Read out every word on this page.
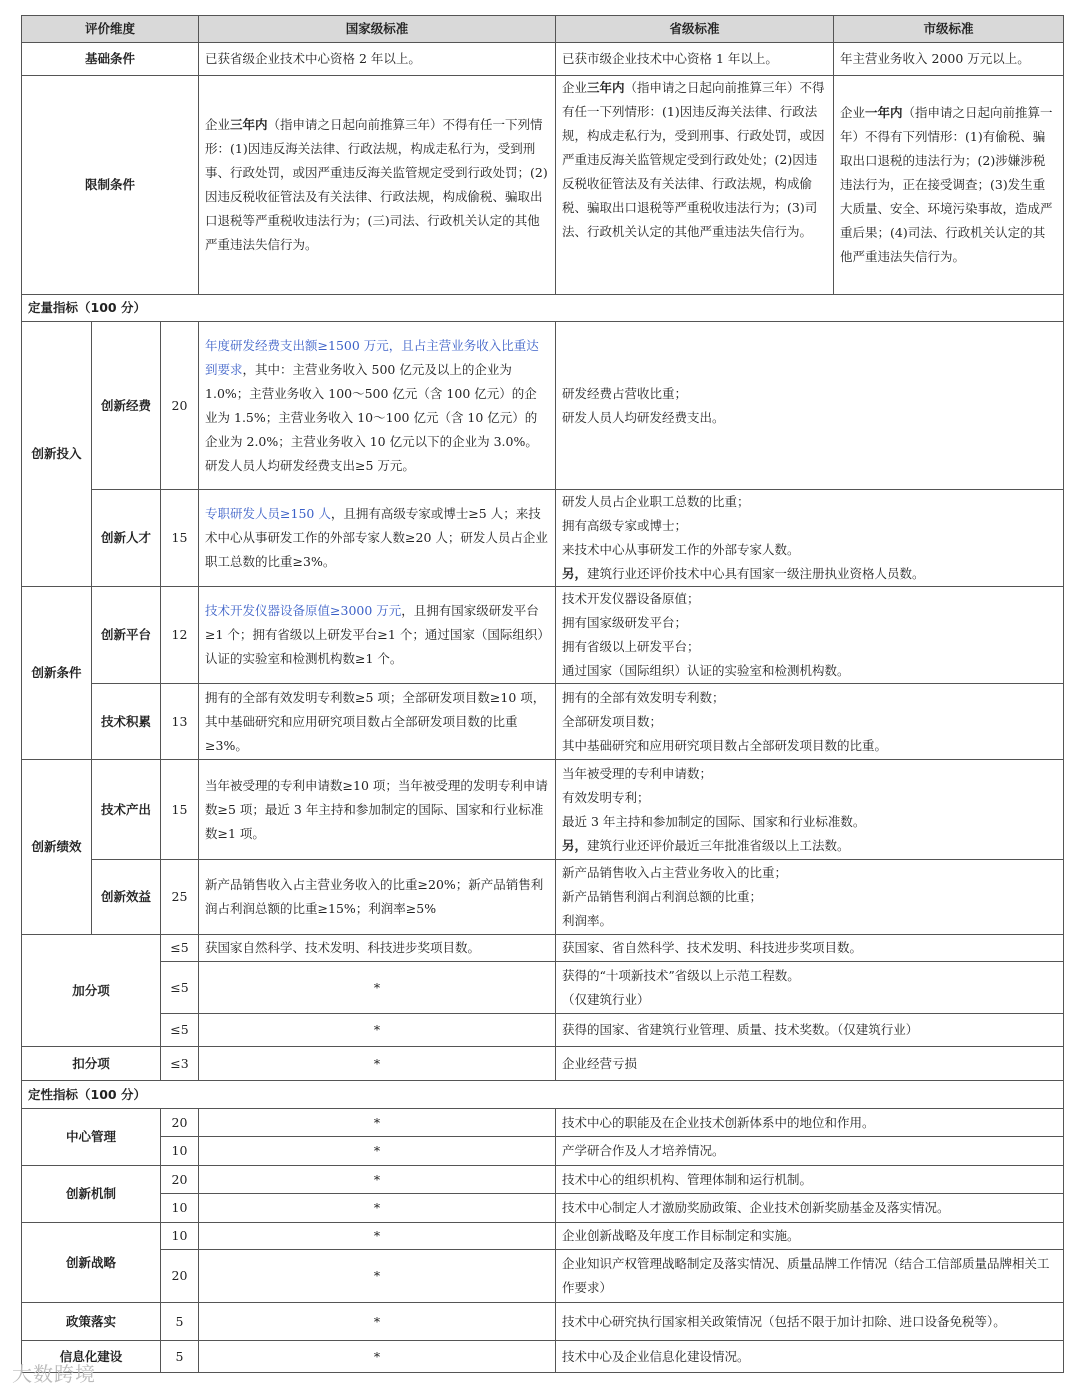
评价维度			国家级标准	省级标准	市级标准
基础条件			已获省级企业技术中心资格 2 年以上。	已获市级企业技术中心资格 1 年以上。	年主营业务收入 2000 万元以上。
限制条件			企业三年内（指申请之日起向前推算三年）不得有任一下列情形：(1)因违反海关法律、行政法规，构成走私行为，受到刑事、行政处罚，或因严重违反海关监管规定受到行政处罚；(2)因违反税收征管法及有关法律、行政法规，构成偷税、骗取出口退税等严重税收违法行为；(三)司法、行政机关认定的其他严重违法失信行为。	企业三年内（指申请之日起向前推算三年）不得有任一下列情形：(1)因违反海关法律、行政法规，构成走私行为，受到刑事、行政处罚，或因严重违反海关监管规定受到行政处处；(2)因违反税收征管法及有关法律、行政法规，构成偷税、骗取出口退税等严重税收违法行为；(3)司法、行政机关认定的其他严重违法失信行为。	企业一年内（指申请之日起向前推算一年）不得有下列情形：(1)有偷税、骗取出口退税的违法行为；(2)涉嫌涉税违法行为，正在接受调查；(3)发生重大质量、安全、环境污染事故，造成严重后果；(4)司法、行政机关认定的其他严重违法失信行为。
定量指标（100 分）					
创新投入	创新经费	20	年度研发经费支出额≥1500 万元，且占主营业务收入比重达到要求，其中：主营业务收入 500 亿元及以上的企业为 1.0%；主营业务收入 100～500 亿元（含 100 亿元）的企业为 1.5%；主营业务收入 10～100 亿元（含 10 亿元）的企业为 2.0%；主营业务收入 10 亿元以下的企业为 3.0%。研发人员人均研发经费支出≥5 万元。	研发经费占营收比重；
研发人员人均研发经费支出。	

	创新人才	15	专职研发人员≥150 人，且拥有高级专家或博士≥5 人；来技术中心从事研发工作的外部专家人数≥20 人；研发人员占企业职工总数的比重≥3%。	研发人员占企业职工总数的比重；
拥有高级专家或博士；
来技术中心从事研发工作的外部专家人数。
另，建筑行业还评价技术中心具有国家一级注册执业资格人员数。	

创新条件	创新平台	12	技术开发仪器设备原值≥3000 万元，且拥有国家级研发平台≥1 个；拥有省级以上研发平台≥1 个；通过国家（国际组织）认证的实验室和检测机构数≥1 个。	技术开发仪器设备原值；
拥有国家级研发平台；
拥有省级以上研发平台；
通过国家（国际组织）认证的实验室和检测机构数。	

	技术积累	13	拥有的全部有效发明专利数≥5 项；全部研发项目数≥10 项，其中基础研究和应用研究项目数占全部研发项目数的比重≥3%。	拥有的全部有效发明专利数；
全部研发项目数；
其中基础研究和应用研究项目数占全部研发项目数的比重。	

创新绩效	技术产出	15	当年被受理的专利申请数≥10 项；当年被受理的发明专利申请数≥5 项；最近 3 年主持和参加制定的国际、国家和行业标准数≥1 项。	当年被受理的专利申请数；
有效发明专利；
最近 3 年主持和参加制定的国际、国家和行业标准数。
另，建筑行业还评价最近三年批准省级以上工法数。	

	创新效益	25	新产品销售收入占主营业务收入的比重≥20%；新产品销售利润占利润总额的比重≥15%；利润率≥5%	新产品销售收入占主营业务收入的比重；
新产品销售利润占利润总额的比重；
利润率。	

加分项		≤5	获国家自然科学、技术发明、科技进步奖项目数。	获国家、省自然科学、技术发明、科技进步奖项目数。	

		≤5	*	获得的“十项新技术”省级以上示范工程数。
（仅建筑行业）	

		≤5	*	获得的国家、省建筑行业管理、质量、技术奖数。（仅建筑行业）	

扣分项		≤3	*	企业经营亏损	
定性指标（100 分）					
中心管理		20	*	技术中心的职能及在企业技术创新体系中的地位和作用。	
		10	*	产学研合作及人才培养情况。	
创新机制		20	*	技术中心的组织机构、管理体制和运行机制。	
		10	*	技术中心制定人才激励奖励政策、企业技术创新奖励基金及落实情况。	
创新战略		10	*	企业创新战略及年度工作目标制定和实施。	
		20	*	企业知识产权管理战略制定及落实情况、质量品牌工作情况（结合工信部质量品牌相关工作要求）	
政策落实		5	*	技术中心研究执行国家相关政策情况（包括不限于加计扣除、进口设备免税等）。	
信息化建设		5	*	技术中心及企业信息化建设情况。	
大数跨境
